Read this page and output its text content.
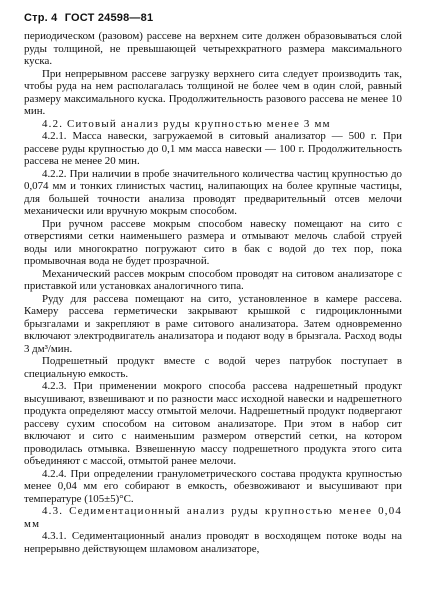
Стр. 4 ГОСТ 24598—81

периодическом (разовом) рассеве на верхнем сите должен образовываться слой руды толщиной, не превышающей четырехкратного размера максимального куска.

При непрерывном рассеве загрузку верхнего сита следует производить так, чтобы руда на нем располагалась толщиной не более чем в один слой, равный размеру максимального куска. Продолжительность разового рассева не менее 10 мин.

4.2. Ситовый анализ руды крупностью менее 3 мм

4.2.1. Масса навески, загружаемой в ситовый анализатор — 500 г. При рассеве руды крупностью до 0,1 мм масса навески — 100 г. Продолжительность рассева не менее 20 мин.

4.2.2. При наличии в пробе значительного количества частиц крупностью до 0,074 мм и тонких глинистых частиц, налипающих на более крупные частицы, для большей точности анализа проводят предварительный отсев мелочи механически или вручную мокрым способом.

При ручном рассеве мокрым способом навеску помещают на сито с отверстиями сетки наименьшего размера и отмывают мелочь слабой струей воды или многократно погружают сито в бак с водой до тех пор, пока промывочная вода не будет прозрачной.

Механический рассев мокрым способом проводят на ситовом анализаторе с приставкой или установках аналогичного типа.

Руду для рассева помещают на сито, установленное в камере рассева. Камеру рассева герметически закрывают крышкой с гидроциклонными брызгалами и закрепляют в раме ситового анализатора. Затем одновременно включают электродвигатель анализатора и подают воду в брызгала. Расход воды 3 дм³/мин.

Подрешетный продукт вместе с водой через патрубок поступает в специальную емкость.

4.2.3. При применении мокрого способа рассева надрешетный продукт высушивают, взвешивают и по разности масс исходной навески и надрешетного продукта определяют массу отмытой мелочи. Надрешетный продукт подвергают рассеву сухим способом на ситовом анализаторе. При этом в набор сит включают и сито с наименьшим размером отверстий сетки, на котором проводилась отмывка. Взвешенную массу подрешетного продукта этого сита объединяют с массой, отмытой ранее мелочи.

4.2.4. При определении гранулометрического состава продукта крупностью менее 0,04 мм его собирают в емкость, обезвоживают и высушивают при температуре (105±5)°С.

4.3. Седиментационный анализ руды крупностью менее 0,04 мм

4.3.1. Седиментационный анализ проводят в восходящем потоке воды на непрерывно действующем шламовом анализаторе,
